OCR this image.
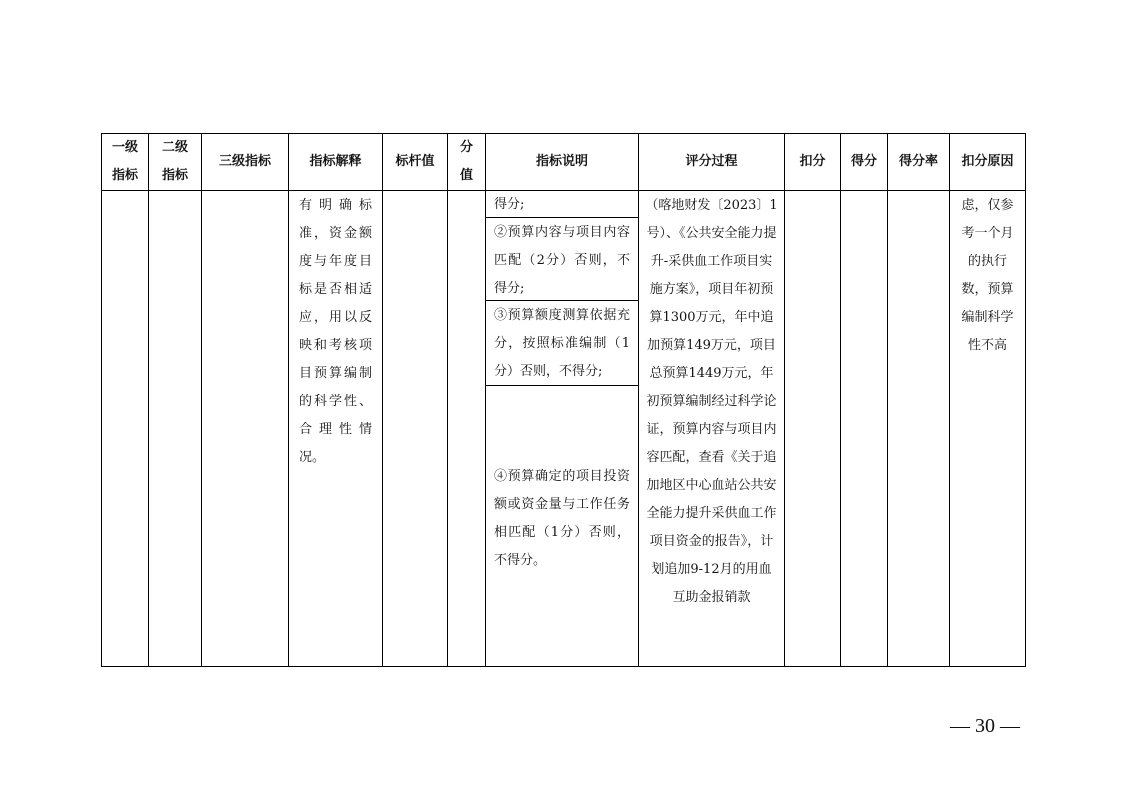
一级指标	二级指标	三级指标	指标解释	标杆值	分值	指标说明	评分过程	扣分	得分	得分率	扣分原因

			有明确标准，资金额度与年度目标是否相适应，用以反映和考核项目预算编制的科学性、合理性情况。			得分;
②预算内容与项目内容匹配（2分）否则，不得分;
③预算额度测算依据充分，按照标准编制（1分）否则，不得分;
④预算确定的项目投资额或资金量与工作任务相匹配（1分）否则，不得分。	（喀地财发〔2023〕1号）、《公共安全能力提升-采供血工作项目实施方案》，项目年初预算1300万元，年中追加预算149万元，项目总预算1449万元，年初预算编制经过科学论证，预算内容与项目内容匹配，查看《关于追加地区中心血站公共安全能力提升采供血工作项目资金的报告》，计划追加9-12月的用血互助金报销款				虑，仅参考一个月的执行数，预算编制科学性不高
— 30 —
